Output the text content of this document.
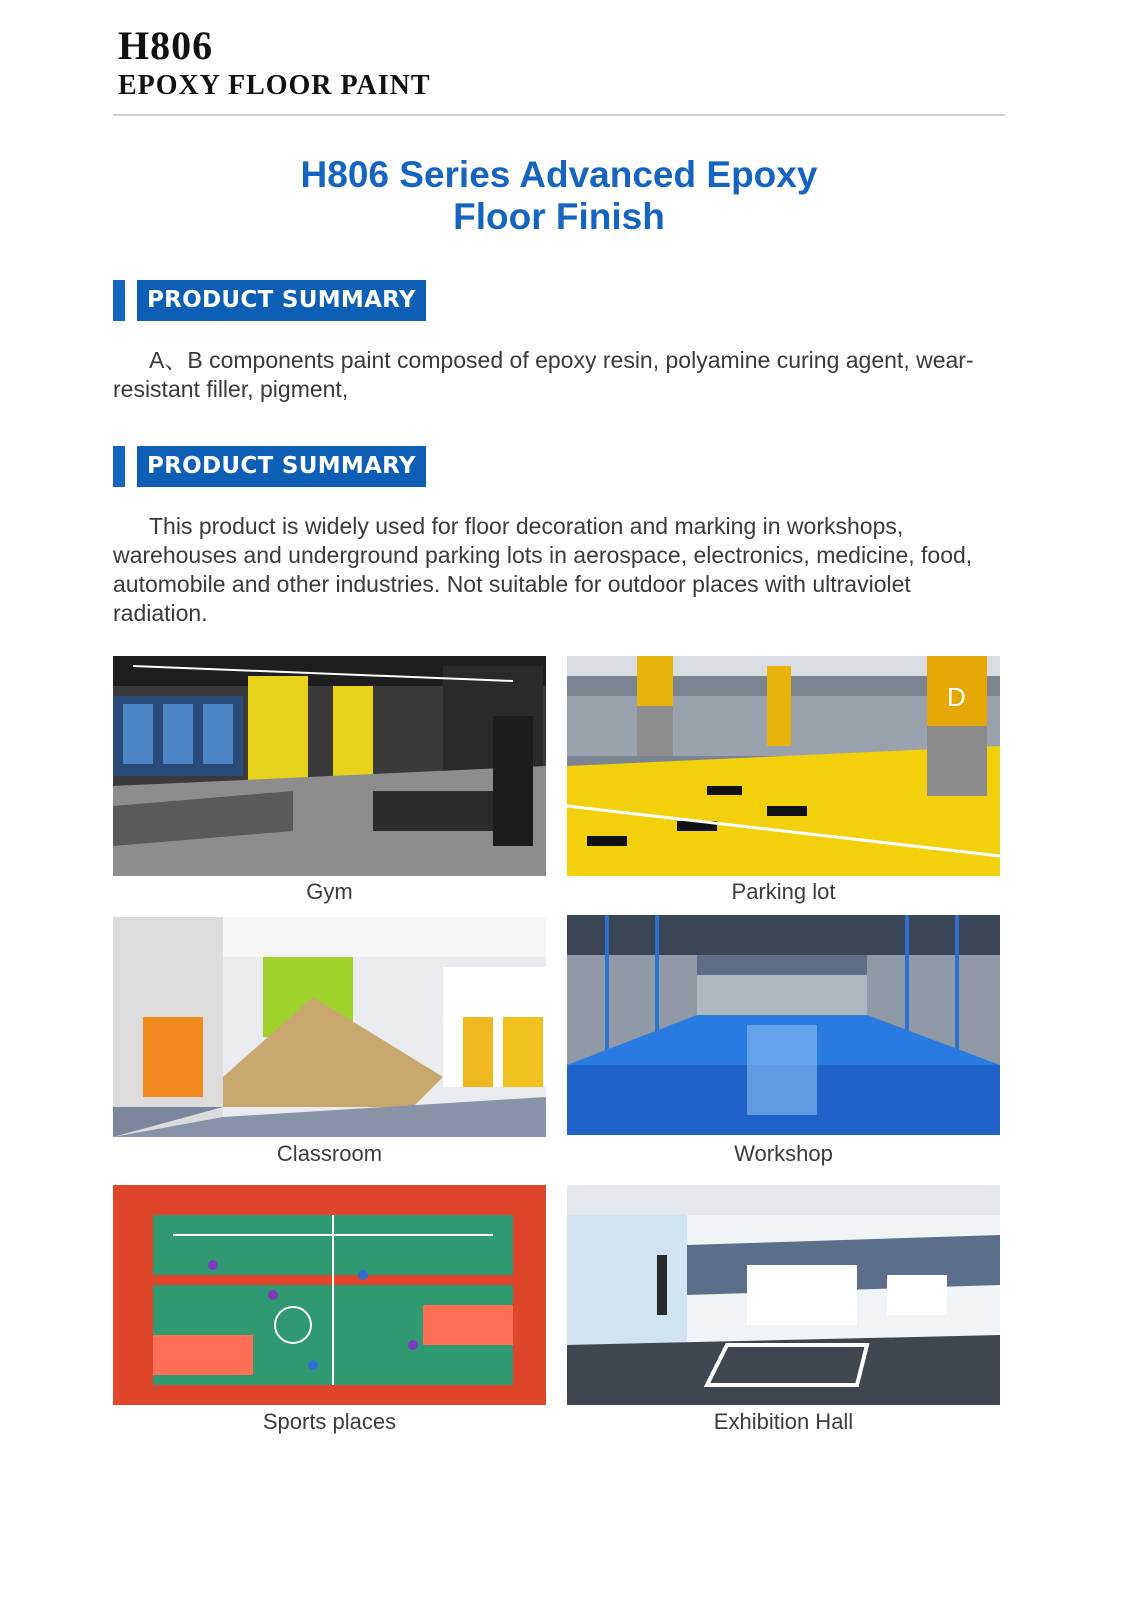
H806
EPOXY FLOOR PAINT
H806 Series Advanced Epoxy
Floor Finish
PRODUCT SUMMARY

A、B components paint composed of epoxy resin, polyamine curing agent, wear-resistant filler, pigment,

PRODUCT SUMMARY

This product is widely used for floor decoration and marking in workshops, warehouses and underground parking lots in aerospace, electronics, medicine, food, automobile and other industries. Not suitable for outdoor places with ultraviolet radiation.

Gym
D
Parking lot
Classroom	Workshop
Sports places	Exhibition Hall
